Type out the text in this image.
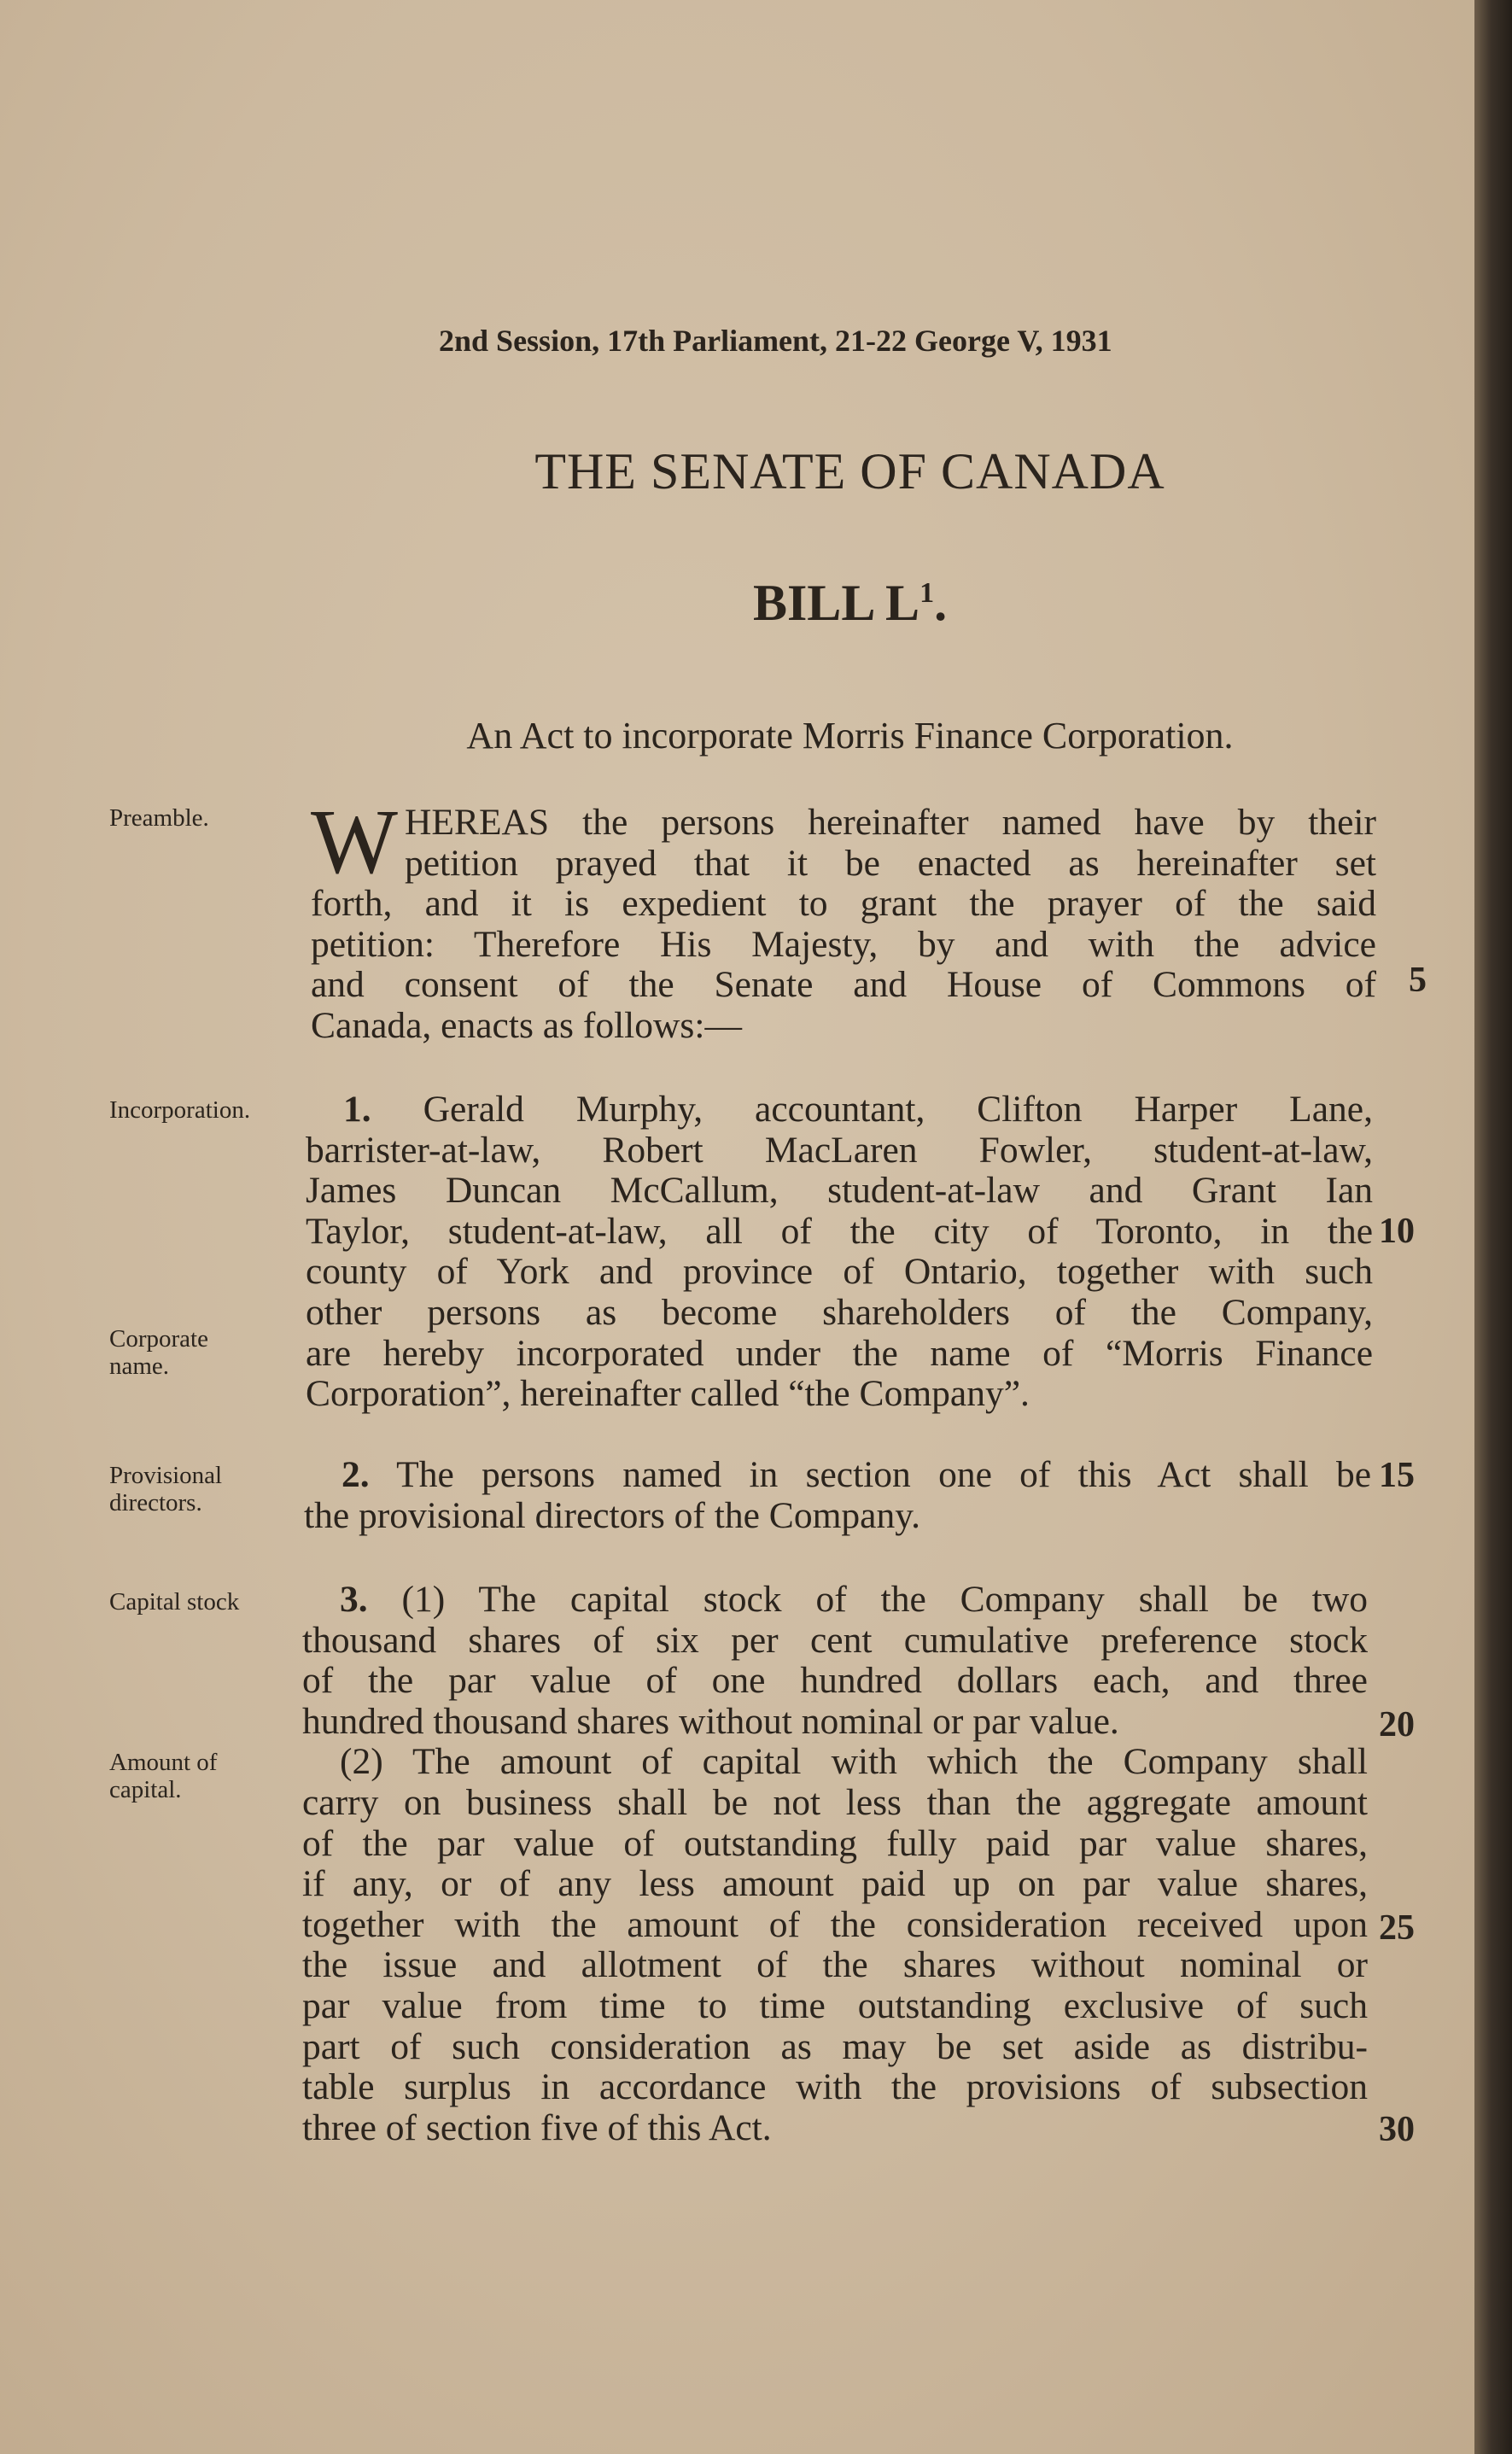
2nd Session, 17th Parliament, 21-22 George V, 1931
THE SENATE OF CANADA
BILL $L^1$.
An Act to incorporate Morris Finance Corporation.
Preamble.
Incorporation.
Corporate name.
Provisional directors.
Capital stock
Amount of capital.
5
10
15
20
25
30
W HEREAS the persons hereinafter named have by their
petition prayed that it be enacted as hereinafter set
forth, and it is expedient to grant the prayer of the said
petition: Therefore His Majesty, by and with the advice
and consent of the Senate and House of Commons of
Canada, enacts as follows:—
1. Gerald Murphy, accountant, Clifton Harper Lane,
barrister-at-law, Robert MacLaren Fowler, student-at-law,
James Duncan McCallum, student-at-law and Grant Ian
Taylor, student-at-law, all of the city of Toronto, in the
county of York and province of Ontario, together with such
other persons as become shareholders of the Company,
are hereby incorporated under the name of “Morris Finance
Corporation”, hereinafter called “the Company”.
2. The persons named in section one of this Act shall be
the provisional directors of the Company.
3. (1) The capital stock of the Company shall be two
thousand shares of six per cent cumulative preference stock
of the par value of one hundred dollars each, and three
hundred thousand shares without nominal or par value.
(2) The amount of capital with which the Company shall
carry on business shall be not less than the aggregate amount
of the par value of outstanding fully paid par value shares,
if any, or of any less amount paid up on par value shares,
together with the amount of the consideration received upon
the issue and allotment of the shares without nominal or
par value from time to time outstanding exclusive of such
part of such consideration as may be set aside as distribu-
table surplus in accordance with the provisions of subsection
three of section five of this Act.
